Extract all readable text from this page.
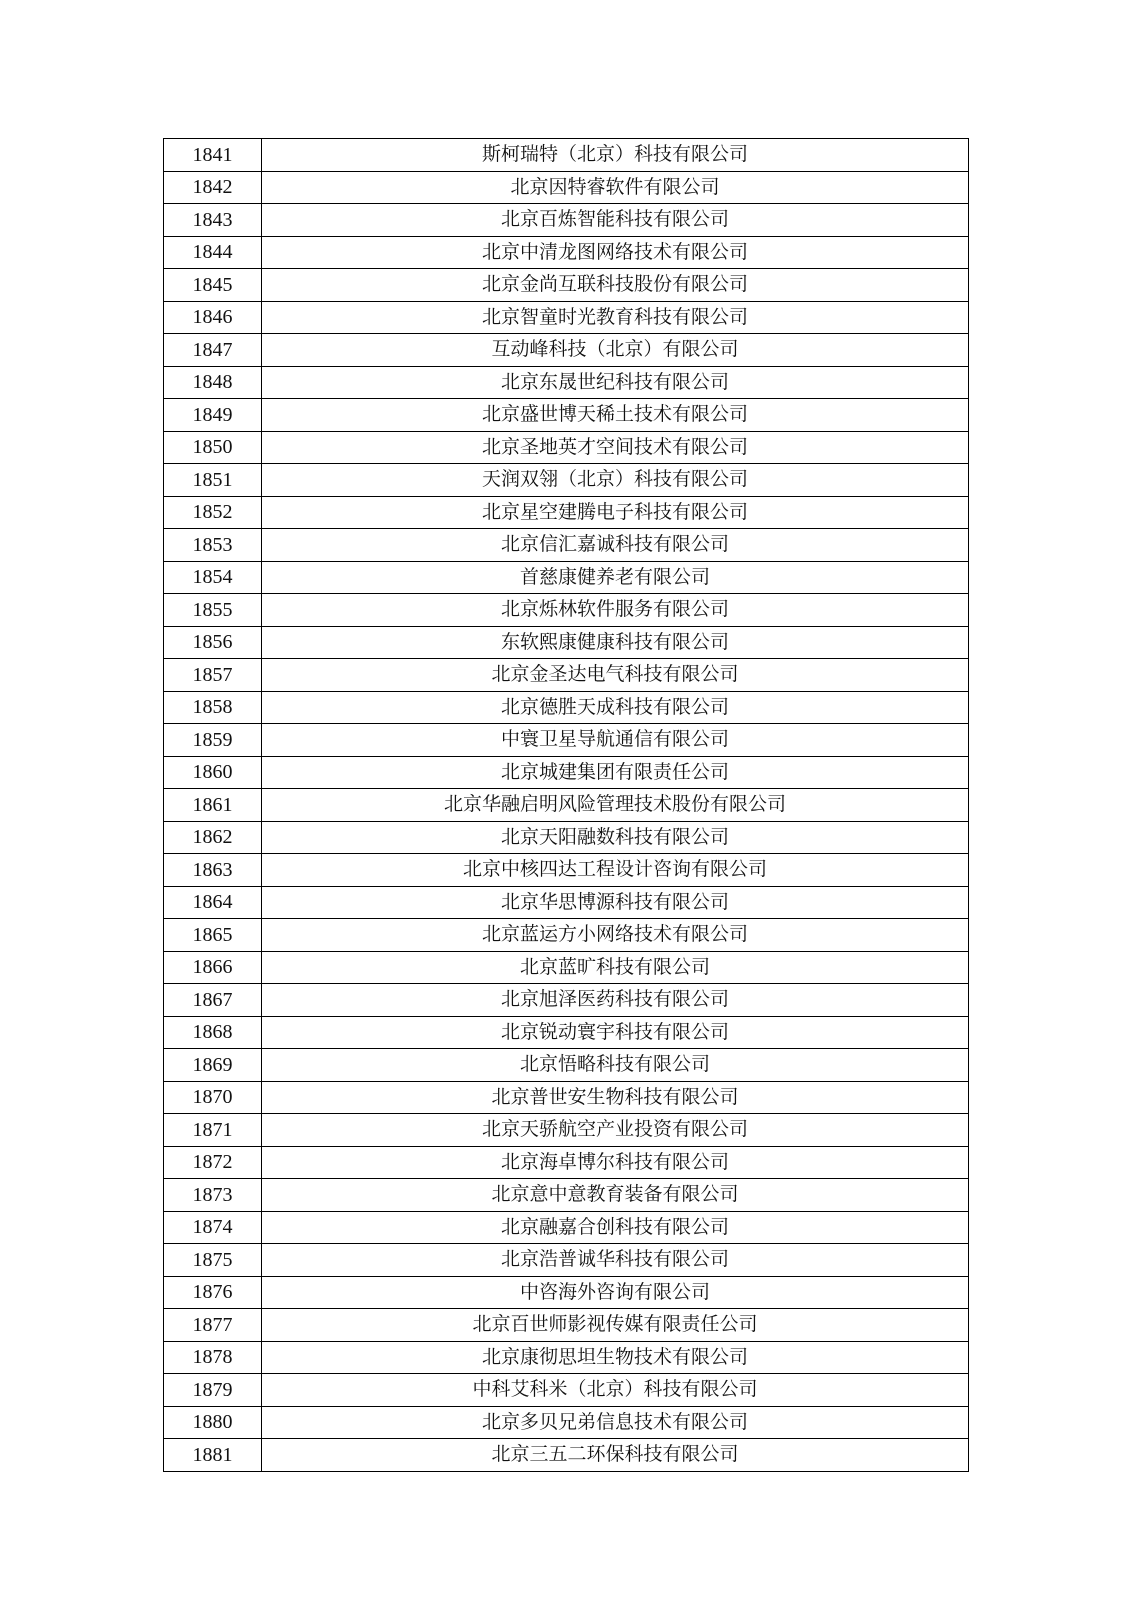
1841	斯柯瑞特（北京）科技有限公司
1842	北京因特睿软件有限公司
1843	北京百炼智能科技有限公司
1844	北京中清龙图网络技术有限公司
1845	北京金尚互联科技股份有限公司
1846	北京智童时光教育科技有限公司
1847	互动峰科技（北京）有限公司
1848	北京东晟世纪科技有限公司
1849	北京盛世博天稀土技术有限公司
1850	北京圣地英才空间技术有限公司
1851	天润双翎（北京）科技有限公司
1852	北京星空建腾电子科技有限公司
1853	北京信汇嘉诚科技有限公司
1854	首慈康健养老有限公司
1855	北京烁林软件服务有限公司
1856	东软熙康健康科技有限公司
1857	北京金圣达电气科技有限公司
1858	北京德胜天成科技有限公司
1859	中寰卫星导航通信有限公司
1860	北京城建集团有限责任公司
1861	北京华融启明风险管理技术股份有限公司
1862	北京天阳融数科技有限公司
1863	北京中核四达工程设计咨询有限公司
1864	北京华思博源科技有限公司
1865	北京蓝运方小网络技术有限公司
1866	北京蓝旷科技有限公司
1867	北京旭泽医药科技有限公司
1868	北京锐动寰宇科技有限公司
1869	北京悟略科技有限公司
1870	北京普世安生物科技有限公司
1871	北京天骄航空产业投资有限公司
1872	北京海卓博尔科技有限公司
1873	北京意中意教育装备有限公司
1874	北京融嘉合创科技有限公司
1875	北京浩普诚华科技有限公司
1876	中咨海外咨询有限公司
1877	北京百世师影视传媒有限责任公司
1878	北京康彻思坦生物技术有限公司
1879	中科艾科米（北京）科技有限公司
1880	北京多贝兄弟信息技术有限公司
1881	北京三五二环保科技有限公司
